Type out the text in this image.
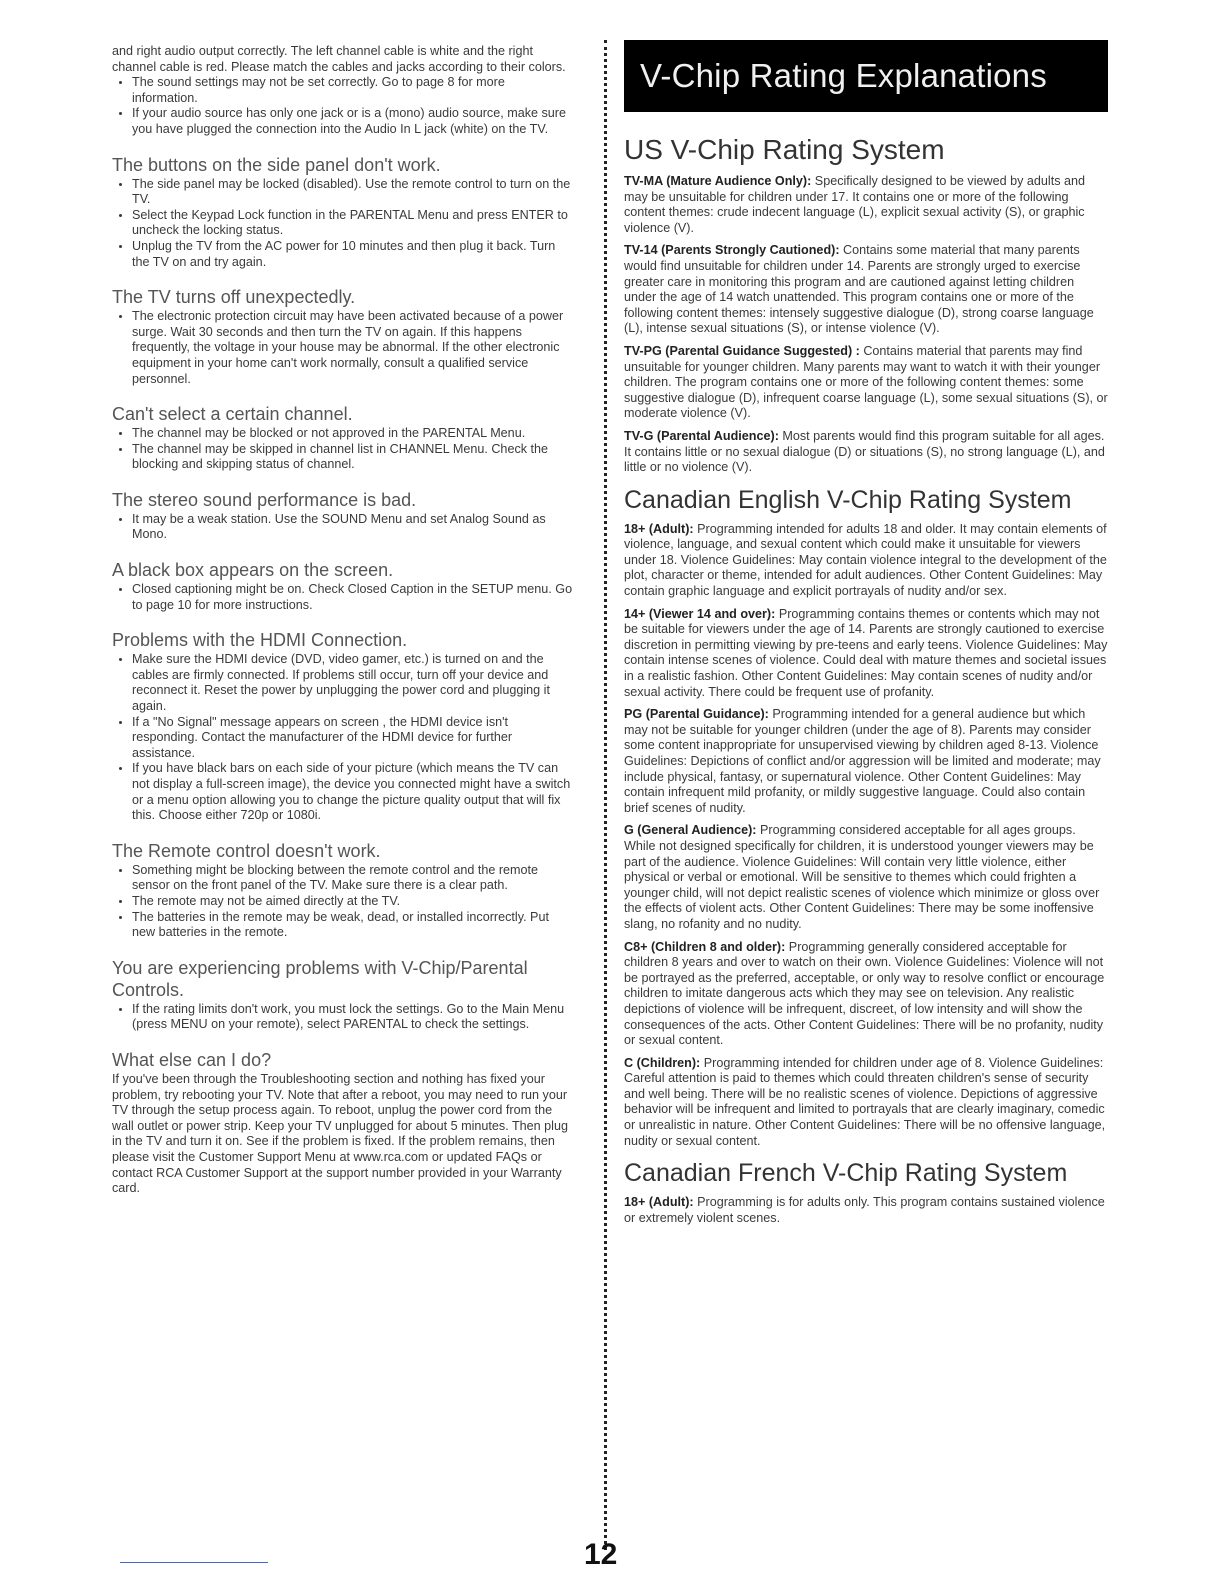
and right audio output correctly. The left channel cable is white and the right channel cable is red. Please match the cables and jacks according to their colors.

• The sound settings may not be set correctly. Go to page 8 for more information.
• If your audio source has only one jack or is a (mono) audio source, make sure you have plugged the connection into the Audio In L jack (white) on the TV.
The buttons on the side panel don't work.
• The side panel may be locked (disabled). Use the remote control to turn on the TV.
• Select the Keypad Lock function in the PARENTAL Menu and press ENTER to uncheck the locking status.
• Unplug the TV from the AC power for 10 minutes and then plug it back. Turn the TV on and try again.
The TV turns off unexpectedly.
• The electronic protection circuit may have been activated because of a power surge. Wait 30 seconds and then turn the TV on again. If this happens frequently, the voltage in your house may be abnormal. If the other electronic equipment in your home can't work normally, consult a qualified service personnel.
Can't select a certain channel.
• The channel may be blocked or not approved in the PARENTAL Menu.
• The channel may be skipped in channel list in CHANNEL Menu. Check the blocking and skipping status of channel.
The stereo sound performance is bad.
• It may be a weak station. Use the SOUND Menu and set Analog Sound as Mono.
A black box appears on the screen.
• Closed captioning might be on. Check Closed Caption in the SETUP menu. Go to page 10 for more instructions.
Problems with the HDMI Connection.
• Make sure the HDMI device (DVD, video gamer, etc.) is turned on and the cables are firmly connected. If problems still occur, turn off your device and reconnect it. Reset the power by unplugging the power cord and plugging it again.
• If a "No Signal" message appears on screen , the HDMI device isn't responding. Contact the manufacturer of the HDMI device for further assistance.
• If you have black bars on each side of your picture (which means the TV can not display a full-screen image), the device you connected might have a switch or a menu option allowing you to change the picture quality output that will fix this. Choose either 720p or 1080i.
The Remote control doesn't work.
• Something might be blocking between the remote control and the remote sensor on the front panel of the TV. Make sure there is a clear path.
• The remote may not be aimed directly at the TV.
• The batteries in the remote may be weak, dead, or installed incorrectly. Put new batteries in the remote.
You are experiencing problems with V-Chip/Parental Controls.
• If the rating limits don't work, you must lock the settings. Go to the Main Menu (press MENU on your remote), select PARENTAL to check the settings.
What else can I do?

If you've been through the Troubleshooting section and nothing has fixed your problem, try rebooting your TV. Note that after a reboot, you may need to run your TV through the setup process again. To reboot, unplug the power cord from the wall outlet or power strip. Keep your TV unplugged for about 5 minutes. Then plug in the TV and turn it on. See if the problem is fixed. If the problem remains, then please visit the Customer Support Menu at www.rca.com or updated FAQs or contact RCA Customer Support at the support number provided in your Warranty card.

V-Chip Rating Explanations
US V-Chip Rating System

TV-MA (Mature Audience Only): Specifically designed to be viewed by adults and may be unsuitable for children under 17. It contains one or more of the following content themes: crude indecent language (L), explicit sexual activity (S), or graphic violence (V).

TV-14 (Parents Strongly Cautioned): Contains some material that many parents would find unsuitable for children under 14. Parents are strongly urged to exercise greater care in monitoring this program and are cautioned against letting children under the age of 14 watch unattended. This program contains one or more of the following content themes: intensely suggestive dialogue (D), strong coarse language (L), intense sexual situations (S), or intense violence (V).

TV-PG (Parental Guidance Suggested) : Contains material that parents may find unsuitable for younger children. Many parents may want to watch it with their younger children. The program contains one or more of the following content themes: some suggestive dialogue (D), infrequent coarse language (L), some sexual situations (S), or moderate violence (V).

TV-G (Parental Audience): Most parents would find this program suitable for all ages. It contains little or no sexual dialogue (D) or situations (S), no strong language (L), and little or no violence (V).

Canadian English V-Chip Rating System

18+ (Adult): Programming intended for adults 18 and older. It may contain elements of violence, language, and sexual content which could make it unsuitable for viewers under 18. Violence Guidelines: May contain violence integral to the development of the plot, character or theme, intended for adult audiences. Other Content Guidelines: May contain graphic language and explicit portrayals of nudity and/or sex.

14+ (Viewer 14 and over): Programming contains themes or contents which may not be suitable for viewers under the age of 14. Parents are strongly cautioned to exercise discretion in permitting viewing by pre-teens and early teens. Violence Guidelines: May contain intense scenes of violence. Could deal with mature themes and societal issues in a realistic fashion. Other Content Guidelines: May contain scenes of nudity and/or sexual activity. There could be frequent use of profanity.

PG (Parental Guidance): Programming intended for a general audience but which may not be suitable for younger children (under the age of 8). Parents may consider some content inappropriate for unsupervised viewing by children aged 8-13. Violence Guidelines: Depictions of conflict and/or aggression will be limited and moderate; may include physical, fantasy, or supernatural violence. Other Content Guidelines: May contain infrequent mild profanity, or mildly suggestive language. Could also contain brief scenes of nudity.

G (General Audience): Programming considered acceptable for all ages groups. While not designed specifically for children, it is understood younger viewers may be part of the audience. Violence Guidelines: Will contain very little violence, either physical or verbal or emotional. Will be sensitive to themes which could frighten a younger child, will not depict realistic scenes of violence which minimize or gloss over the effects of violent acts. Other Content Guidelines: There may be some inoffensive slang, no rofanity and no nudity.

C8+ (Children 8 and older): Programming generally considered acceptable for children 8 years and over to watch on their own. Violence Guidelines: Violence will not be portrayed as the preferred, acceptable, or only way to resolve conflict or encourage children to imitate dangerous acts which they may see on television. Any realistic depictions of violence will be infrequent, discreet, of low intensity and will show the consequences of the acts. Other Content Guidelines: There will be no profanity, nudity or sexual content.

C (Children): Programming intended for children under age of 8. Violence Guidelines: Careful attention is paid to themes which could threaten children's sense of security and well being. There will be no realistic scenes of violence. Depictions of aggressive behavior will be infrequent and limited to portrayals that are clearly imaginary, comedic or unrealistic in nature. Other Content Guidelines: There will be no offensive language, nudity or sexual content.

Canadian French V-Chip Rating System

18+ (Adult): Programming is for adults only. This program contains sustained violence or extremely violent scenes.

12
